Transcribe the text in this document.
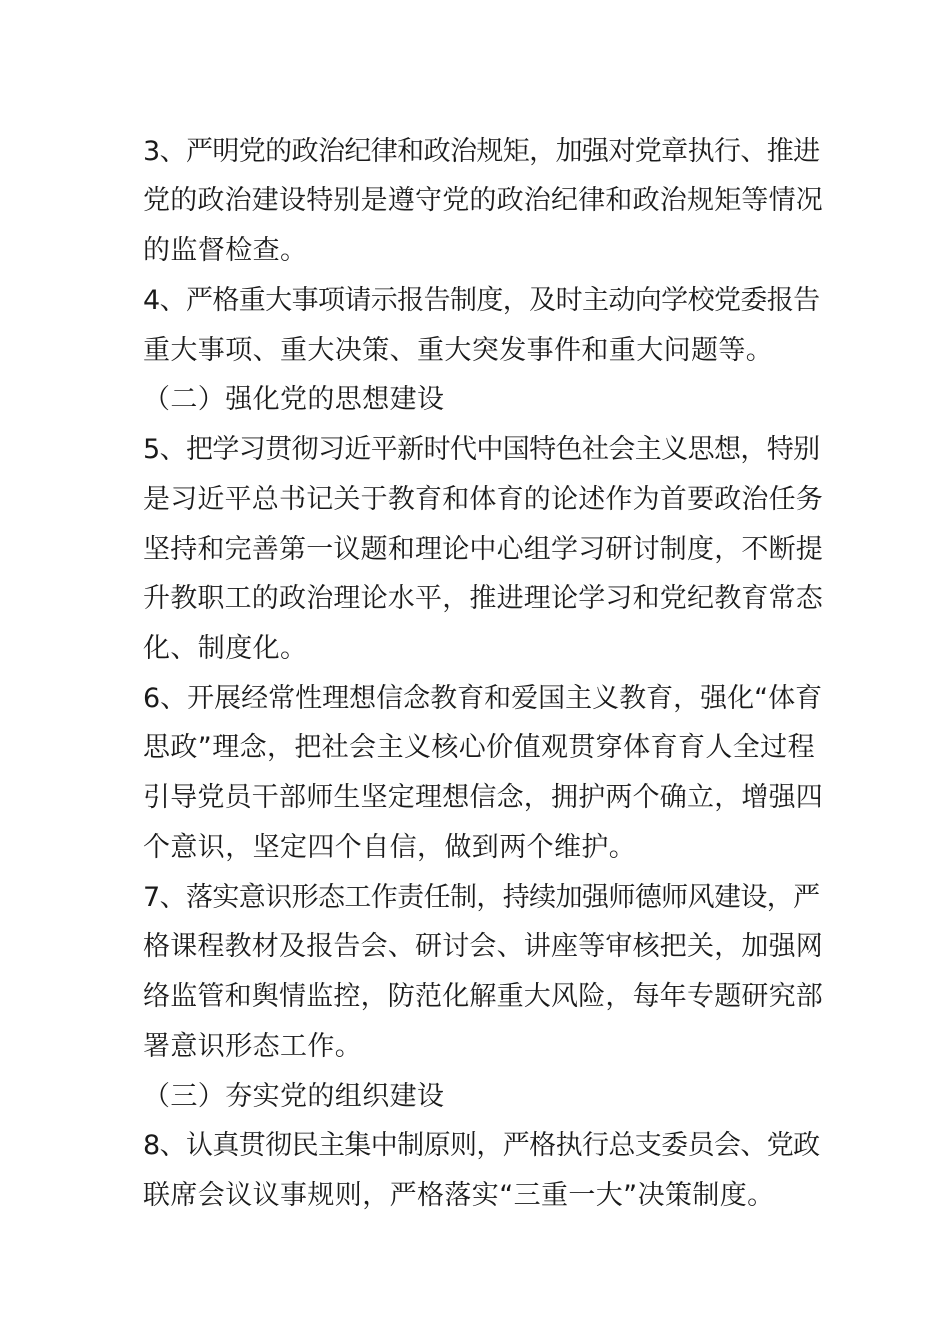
3、严明党的政治纪律和政治规矩，加强对党章执行、推进
党的政治建设特别是遵守党的政治纪律和政治规矩等情况
的监督检查。
4、严格重大事项请示报告制度，及时主动向学校党委报告
重大事项、重大决策、重大突发事件和重大问题等。
（二）强化党的思想建设
5、把学习贯彻习近平新时代中国特色社会主义思想，特别
是习近平总书记关于教育和体育的论述作为首要政治任务
坚持和完善第一议题和理论中心组学习研讨制度，不断提
升教职工的政治理论水平，推进理论学习和党纪教育常态
化、制度化。
6、开展经常性理想信念教育和爱国主义教育，强化“体育
思政”理念，把社会主义核心价值观贯穿体育育人全过程
引导党员干部师生坚定理想信念，拥护两个确立，增强四
个意识，坚定四个自信，做到两个维护。
7、落实意识形态工作责任制，持续加强师德师风建设，严
格课程教材及报告会、研讨会、讲座等审核把关，加强网
络监管和舆情监控，防范化解重大风险，每年专题研究部
署意识形态工作。
（三）夯实党的组织建设
8、认真贯彻民主集中制原则，严格执行总支委员会、党政
联席会议议事规则，严格落实“三重一大”决策制度。
